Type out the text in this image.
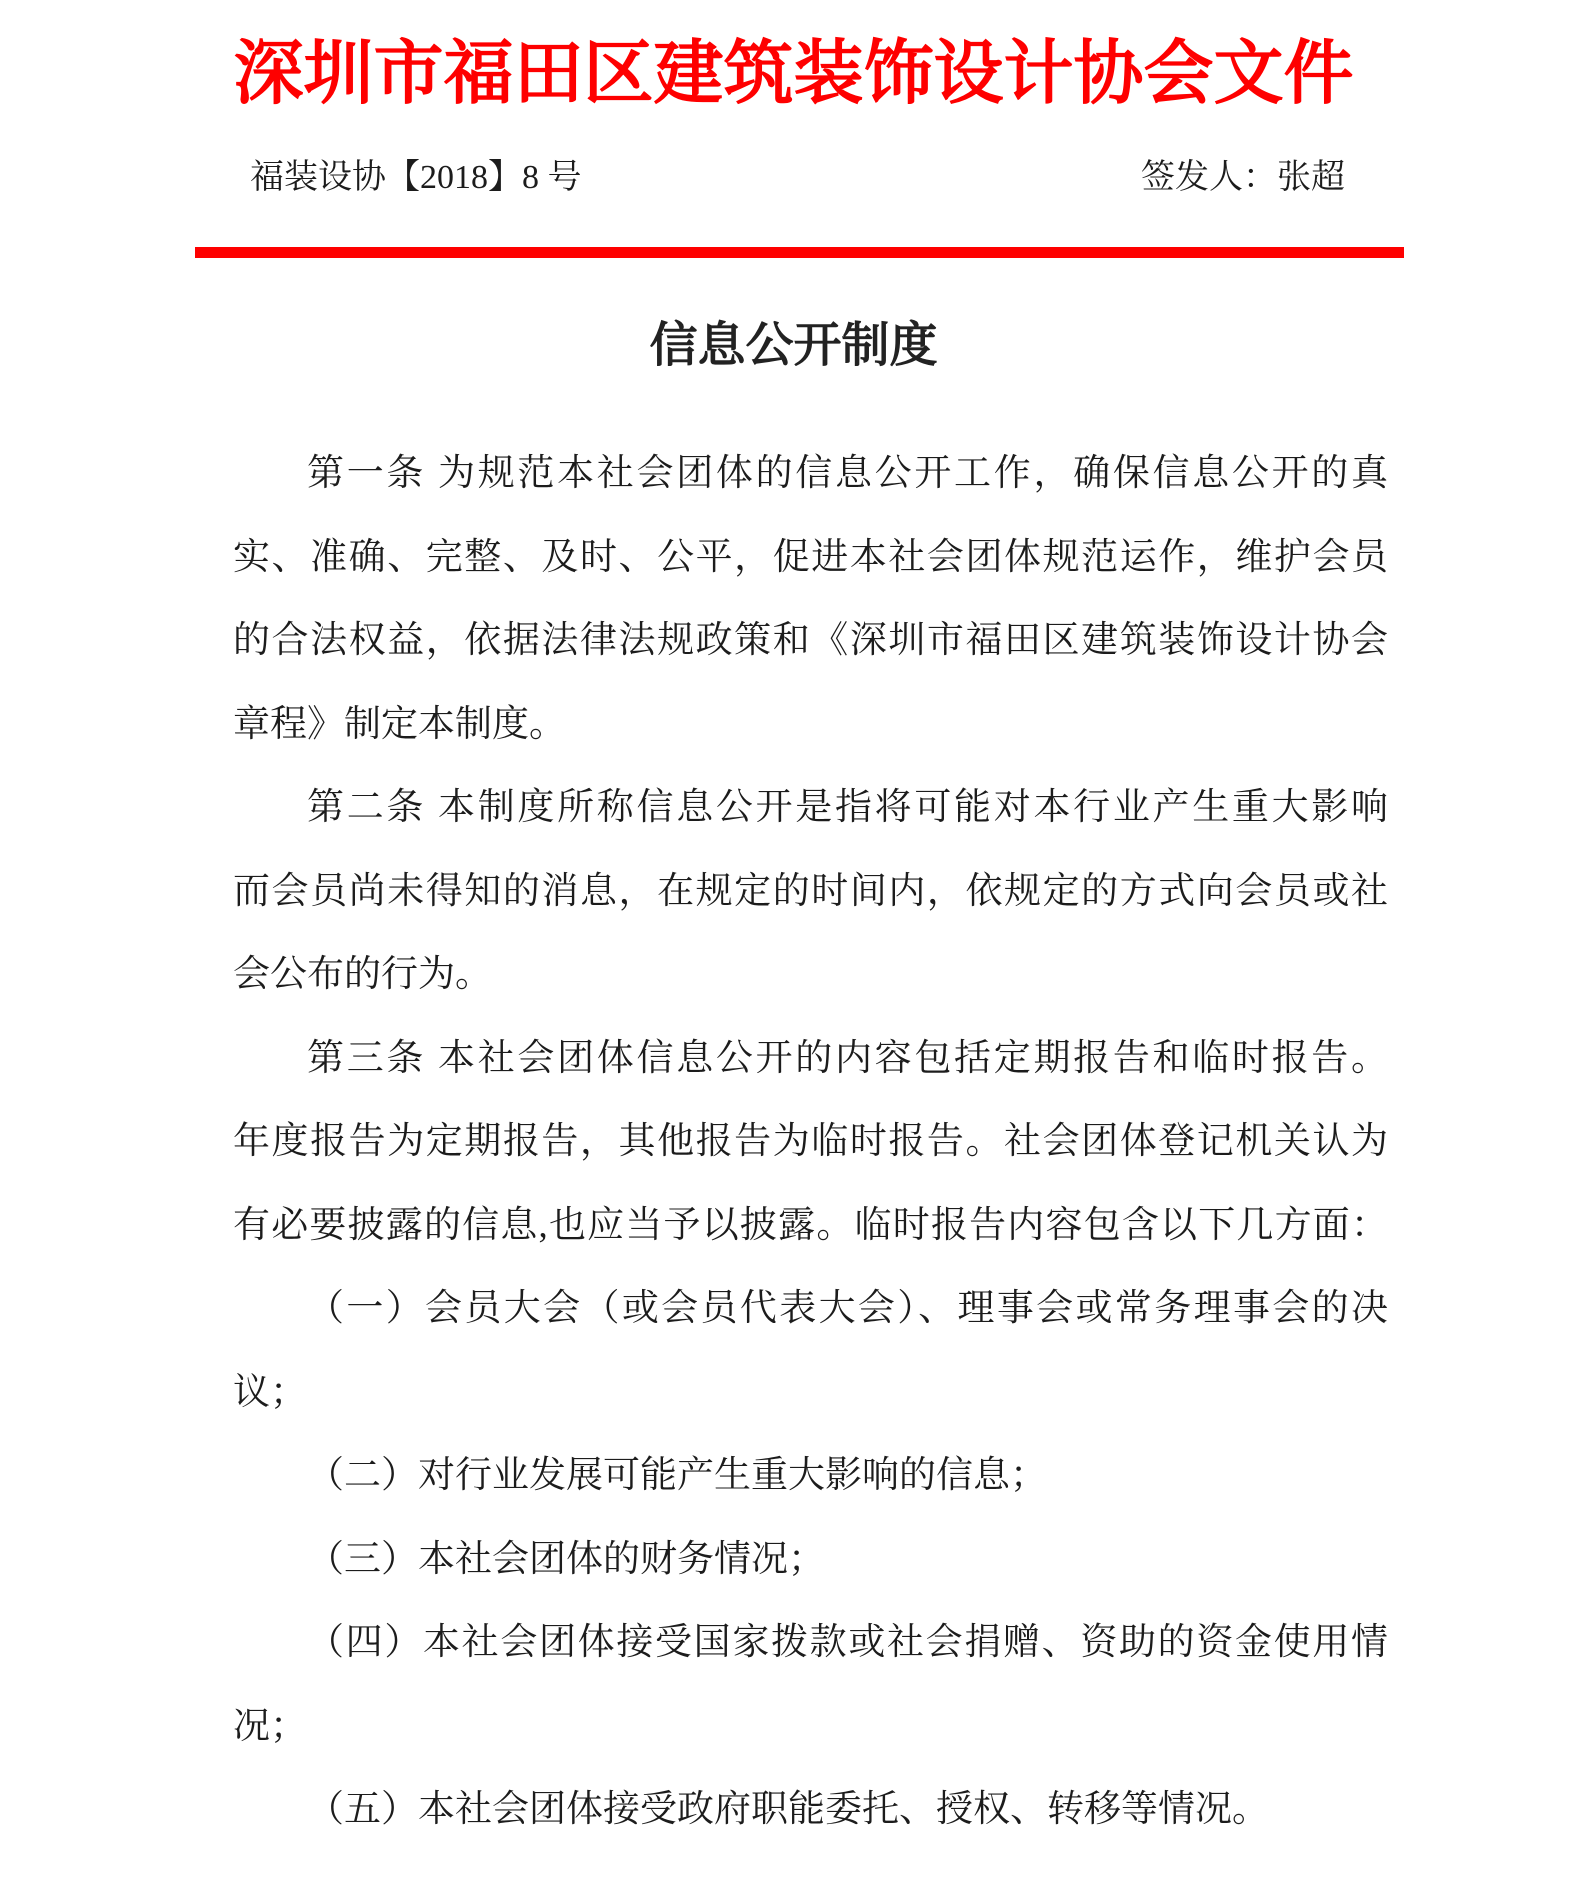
深圳市福田区建筑装饰设计协会文件
福装设协【2018】8 号	签发人：张超
信息公开制度
第一条 为规范本社会团体的信息公开工作，确保信息公开的真
实、准确、完整、及时、公平，促进本社会团体规范运作，维护会员
的合法权益，依据法律法规政策和《深圳市福田区建筑装饰设计协会
章程》制定本制度。
第二条 本制度所称信息公开是指将可能对本行业产生重大影响
而会员尚未得知的消息，在规定的时间内，依规定的方式向会员或社
会公布的行为。
第三条 本社会团体信息公开的内容包括定期报告和临时报告。
年度报告为定期报告，其他报告为临时报告。社会团体登记机关认为
有必要披露的信息,也应当予以披露。临时报告内容包含以下几方面：
（一）会员大会（或会员代表大会）、理事会或常务理事会的决
议；
（二）对行业发展可能产生重大影响的信息；
（三）本社会团体的财务情况；
（四）本社会团体接受国家拨款或社会捐赠、资助的资金使用情
况；
（五）本社会团体接受政府职能委托、授权、转移等情况。
